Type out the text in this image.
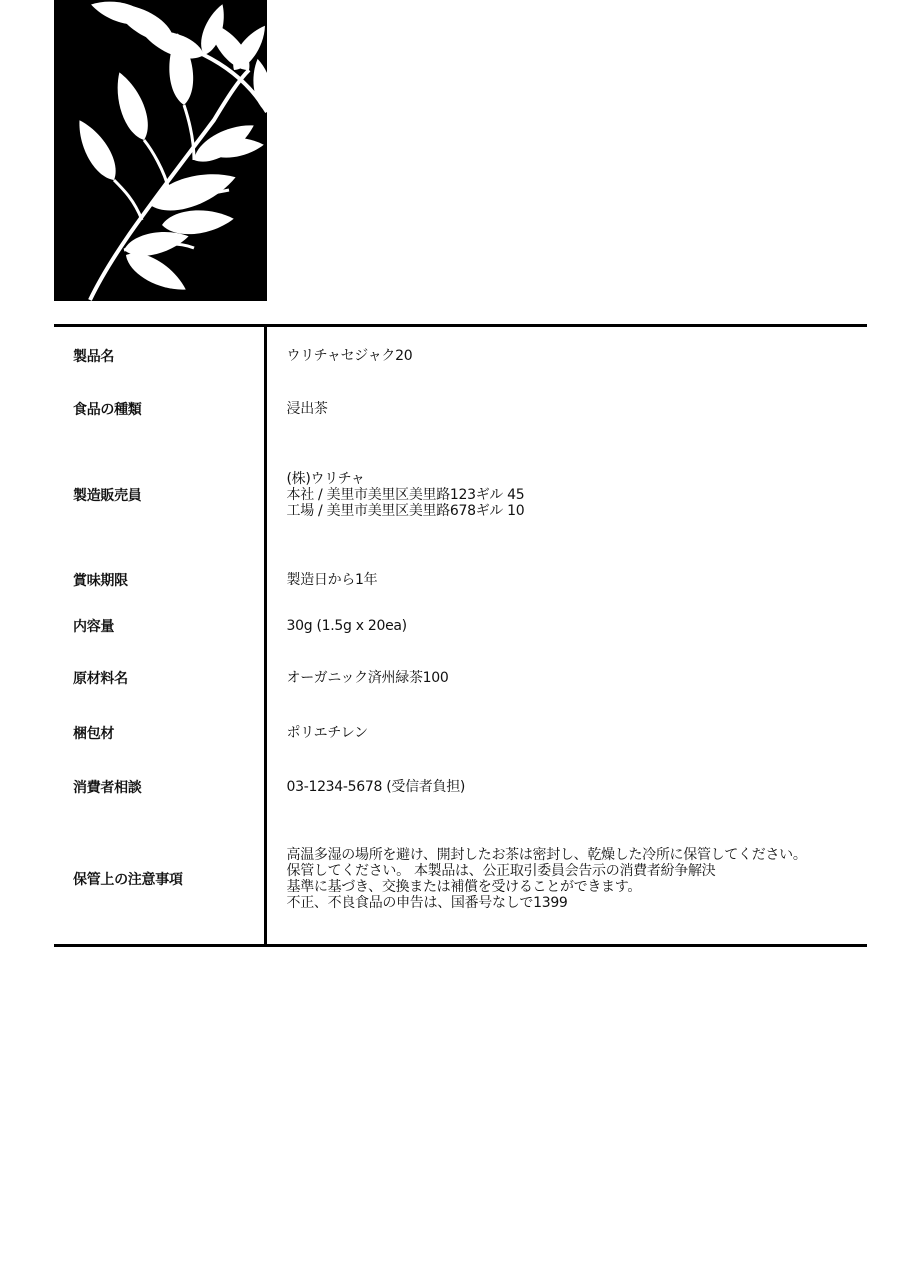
製品名	ウリチャセジャク20

食品の種類	浸出茶

製造販売員	(株)ウリチャ
本社 / 美里市美里区美里路123ギル 45
工場 / 美里市美里区美里路678ギル 10

賞味期限	製造日から1年

内容量	30g (1.5g x 20ea)

原材料名	オーガニック済州緑茶100

梱包材	ポリエチレン

消費者相談	03-1234-5678 (受信者負担)

保管上の注意事項	高温多湿の場所を避け、開封したお茶は密封し、乾燥した冷所に保管してください。
保管してください。 本製品は、公正取引委員会告示の消費者紛争解決
基準に基づき、交換または補償を受けることができます。
不正、不良食品の申告は、国番号なしで1399
